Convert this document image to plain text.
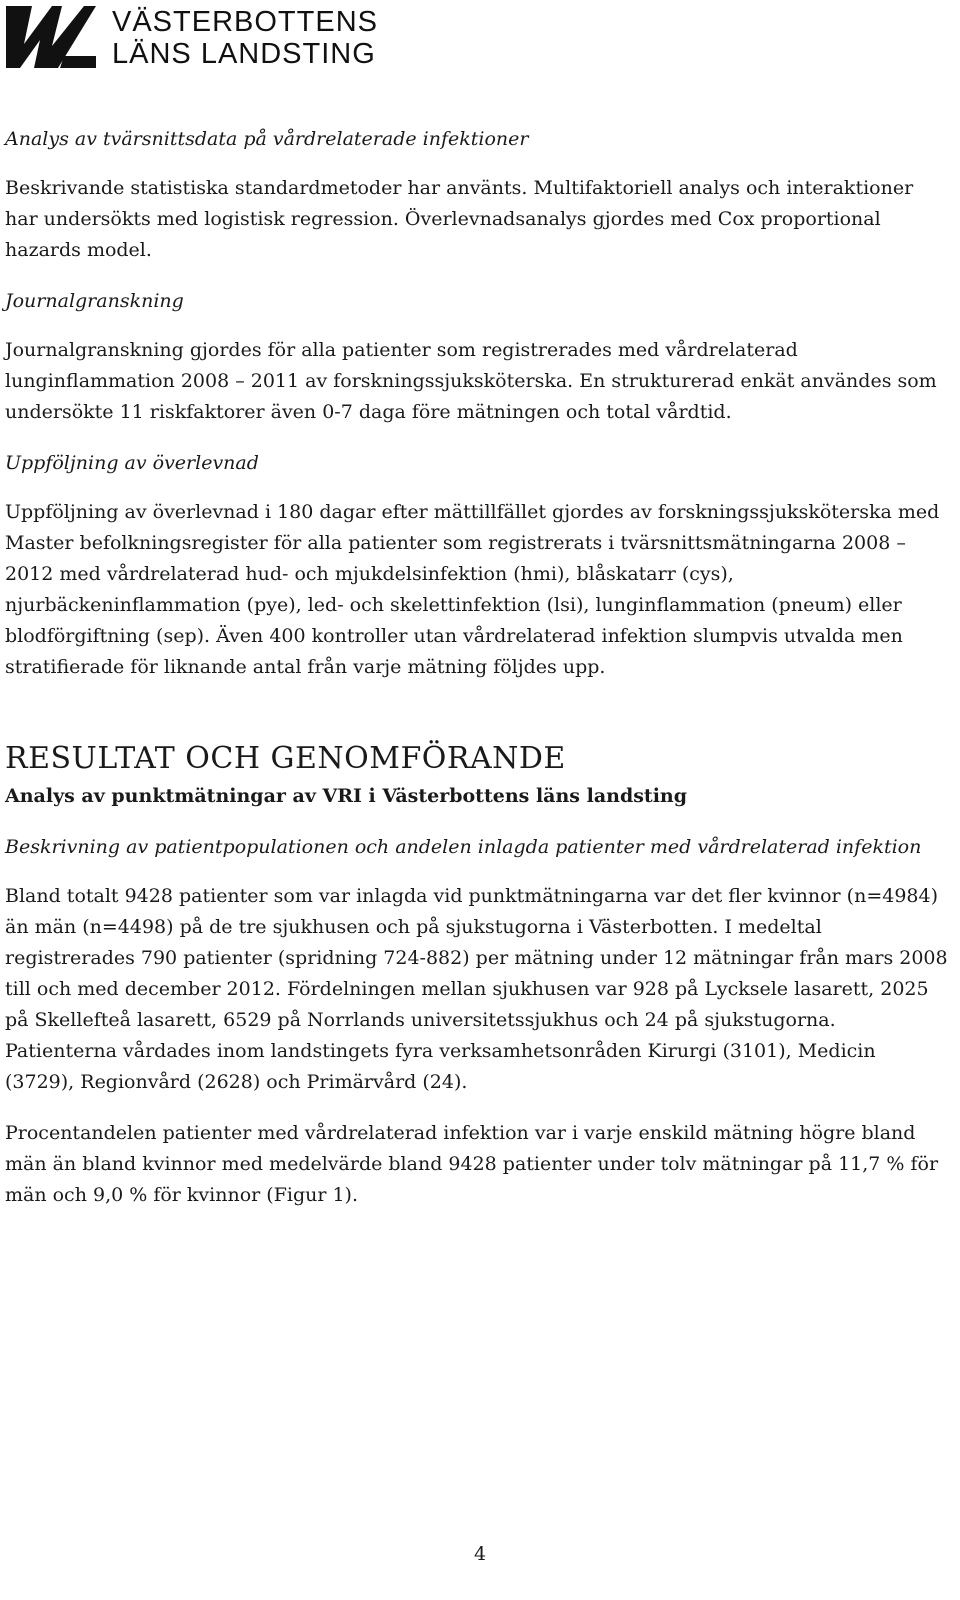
VÄSTERBOTTENS
LÄNS LANDSTING

Analys av tvärsnittsdata på vårdrelaterade infektioner

Beskrivande statistiska standardmetoder har använts. Multifaktoriell analys och interaktioner har undersökts med logistisk regression. Överlevnadsanalys gjordes med Cox proportional hazards model.

Journalgranskning

Journalgranskning gjordes för alla patienter som registrerades med vårdrelaterad lunginflammation 2008 – 2011 av forskningssjuksköterska. En strukturerad enkät användes som undersökte 11 riskfaktorer även 0-7 daga före mätningen och total vårdtid.

Uppföljning av överlevnad

Uppföljning av överlevnad i 180 dagar efter mättillfället gjordes av forskningssjuksköterska med Master befolkningsregister för alla patienter som registrerats i tvärsnittsmätningarna 2008 – 2012 med vårdrelaterad hud- och mjukdelsinfektion (hmi), blåskatarr (cys), njurbäckeninflammation (pye), led- och skelettinfektion (lsi), lunginflammation (pneum) eller blodförgiftning (sep). Även 400 kontroller utan vårdrelaterad infektion slumpvis utvalda men stratifierade för liknande antal från varje mätning följdes upp.

RESULTAT OCH GENOMFÖRANDE

Analys av punktmätningar av VRI i Västerbottens läns landsting

Beskrivning av patientpopulationen och andelen inlagda patienter med vårdrelaterad infektion

Bland totalt 9428 patienter som var inlagda vid punktmätningarna var det fler kvinnor (n=4984) än män (n=4498) på de tre sjukhusen och på sjukstugorna i Västerbotten. I medeltal registrerades 790 patienter (spridning 724-882) per mätning under 12 mätningar från mars 2008 till och med december 2012. Fördelningen mellan sjukhusen var 928 på Lycksele lasarett, 2025 på Skellefteå lasarett, 6529 på Norrlands universitetssjukhus och 24 på sjukstugorna. Patienterna vårdades inom landstingets fyra verksamhetsonråden Kirurgi (3101), Medicin (3729), Regionvård (2628) och Primärvård (24).

Procentandelen patienter med vårdrelaterad infektion var i varje enskild mätning högre bland män än bland kvinnor med medelvärde bland 9428 patienter under tolv mätningar på 11,7 % för män och 9,0 % för kvinnor (Figur 1).

4
